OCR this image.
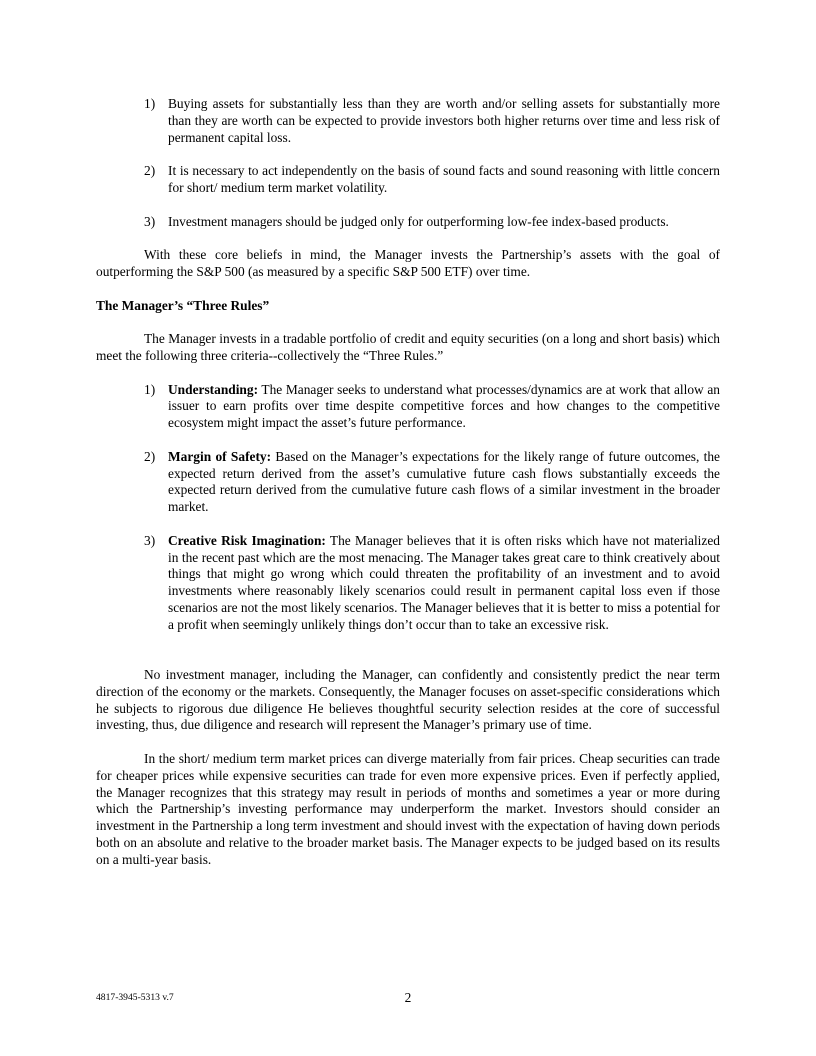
1) Buying assets for substantially less than they are worth and/or selling assets for substantially more than they are worth can be expected to provide investors both higher returns over time and less risk of permanent capital loss.
2) It is necessary to act independently on the basis of sound facts and sound reasoning with little concern for short/ medium term market volatility.
3) Investment managers should be judged only for outperforming low-fee index-based products.

With these core beliefs in mind, the Manager invests the Partnership’s assets with the goal of outperforming the S&P 500 (as measured by a specific S&P 500 ETF) over time.

The Manager’s “Three Rules”

The Manager invests in a tradable portfolio of credit and equity securities (on a long and short basis) which meet the following three criteria--collectively the “Three Rules.”

1) Understanding: The Manager seeks to understand what processes/dynamics are at work that allow an issuer to earn profits over time despite competitive forces and how changes to the competitive ecosystem might impact the asset’s future performance.
2) Margin of Safety: Based on the Manager’s expectations for the likely range of future outcomes, the expected return derived from the asset’s cumulative future cash flows substantially exceeds the expected return derived from the cumulative future cash flows of a similar investment in the broader market.
3) Creative Risk Imagination: The Manager believes that it is often risks which have not materialized in the recent past which are the most menacing. The Manager takes great care to think creatively about things that might go wrong which could threaten the profitability of an investment and to avoid investments where reasonably likely scenarios could result in permanent capital loss even if those scenarios are not the most likely scenarios. The Manager believes that it is better to miss a potential for a profit when seemingly unlikely things don’t occur than to take an excessive risk.

No investment manager, including the Manager, can confidently and consistently predict the near term direction of the economy or the markets. Consequently, the Manager focuses on asset-specific considerations which he subjects to rigorous due diligence He believes thoughtful security selection resides at the core of successful investing, thus, due diligence and research will represent the Manager’s primary use of time.

In the short/ medium term market prices can diverge materially from fair prices. Cheap securities can trade for cheaper prices while expensive securities can trade for even more expensive prices. Even if perfectly applied, the Manager recognizes that this strategy may result in periods of months and sometimes a year or more during which the Partnership’s investing performance may underperform the market. Investors should consider an investment in the Partnership a long term investment and should invest with the expectation of having down periods both on an absolute and relative to the broader market basis. The Manager expects to be judged based on its results on a multi-year basis.

4817-3945-5313 v.7	2
